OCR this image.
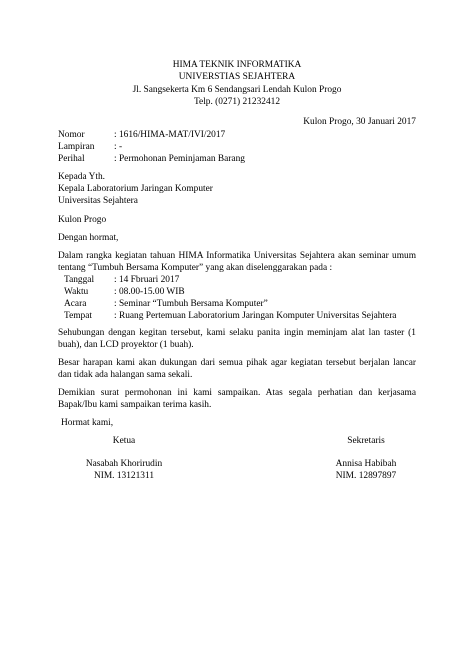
HIMA TEKNIK INFORMATIKA
UNIVERSTIAS SEJAHTERA
Jl. Sangsekerta Km 6 Sendangsari Lendah Kulon Progo
Telp. (0271) 21232412
Kulon Progo, 30 Januari 2017
Nomor	: 1616/HIMA-MAT/IVI/2017
Lampiran : -
Perihal	: Permohonan Peminjaman Barang
Kepada Yth.
Kepala Laboratorium Jaringan Komputer
Universitas Sejahtera
Kulon Progo
Dengan hormat,
Dalam rangka kegiatan tahuan HIMA Informatika Universitas Sejahtera akan seminar umum
tentang “Tumbuh Bersama Komputer” yang akan diselenggarakan pada :
Tanggal : 14 Fbruari 2017
Waktu	: 08.00-15.00 WIB
Acara	: Seminar “Tumbuh Bersama Komputer”
Tempat : Ruang Pertemuan Laboratorium Jaringan Komputer Universitas Sejahtera
Sehubungan dengan kegitan tersebut, kami selaku panita ingin meminjam alat lan taster (1
buah), dan LCD proyektor (1 buah).
Besar harapan kami akan dukungan dari semua pihak agar kegiatan tersebut berjalan lancar
dan tidak ada halangan sama sekali.
Demikian surat permohonan ini kami sampaikan. Atas segala perhatian dan kerjasama
Bapak/Ibu kami sampaikan terima kasih.
Hormat kami,
Ketua	Sekretaris
Nasabah Khorirudin	Annisa Habibah
NIM. 13121311	NIM. 12897897
